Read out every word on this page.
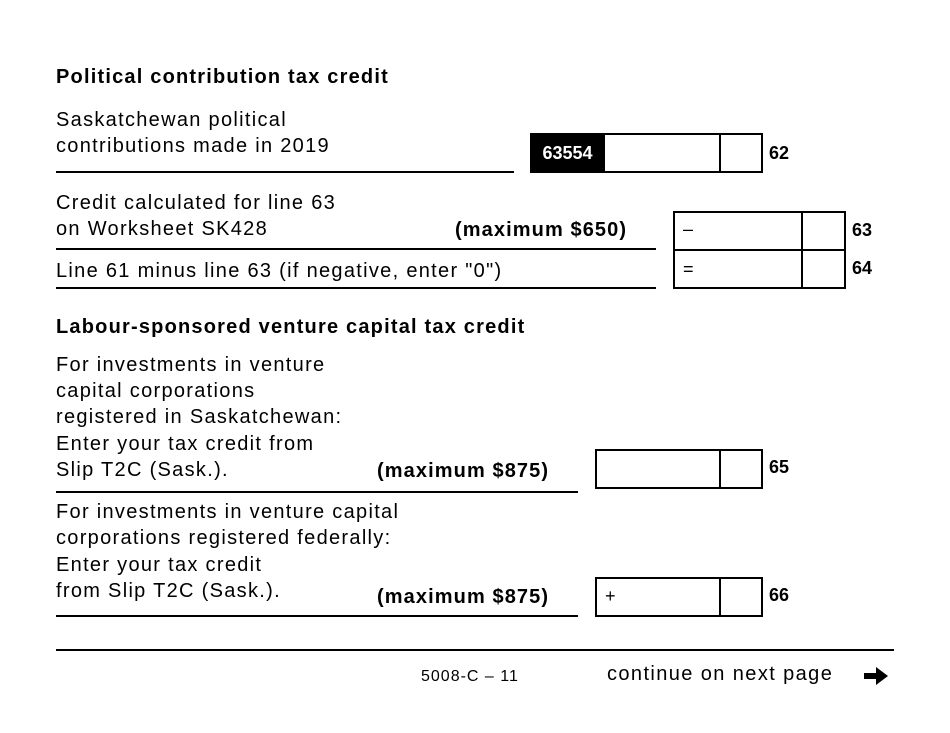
Political contribution tax credit
Saskatchewan political
contributions made in 2019	63554	62
Credit calculated for line 63
on Worksheet SK428	(maximum $650)	–	63
Line 61 minus line 63 (if negative, enter "0")	=	64
Labour-sponsored venture capital tax credit
For investments in venture
capital corporations
registered in Saskatchewan:
Enter your tax credit from
Slip T2C (Sask.).	(maximum $875)	65
For investments in venture capital
corporations registered federally:
Enter your tax credit
from Slip T2C (Sask.).	(maximum $875)	+	66
5008-C – 11	continue on next page
